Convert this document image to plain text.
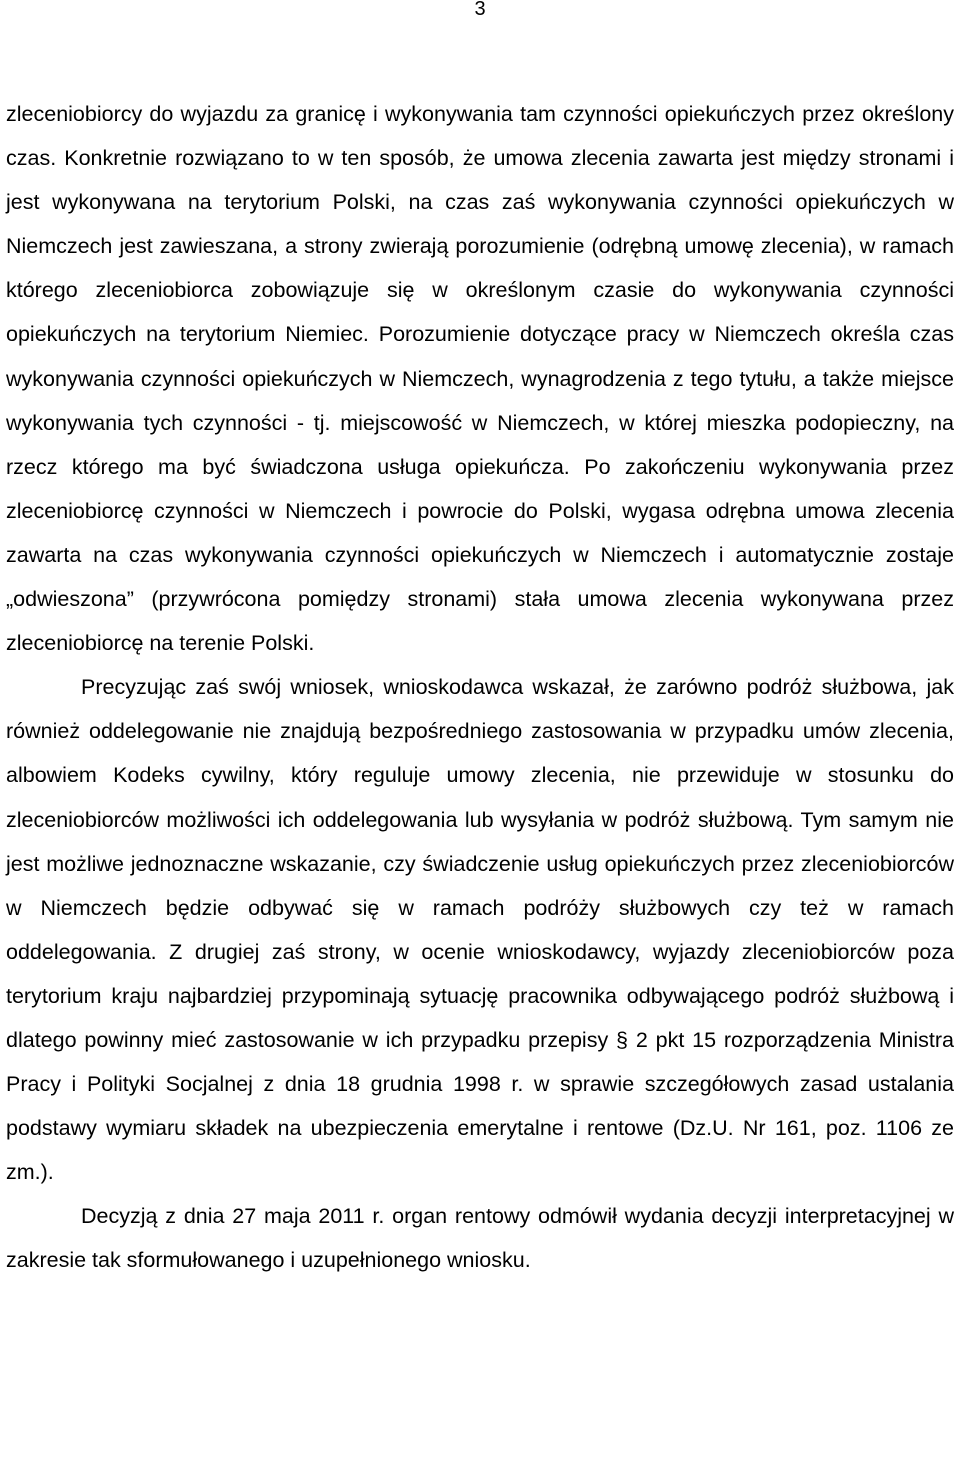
3

zleceniobiorcy do wyjazdu za granicę i wykonywania tam czynności opiekuńczych przez określony czas. Konkretnie rozwiązano to w ten sposób, że umowa zlecenia zawarta jest między stronami i jest wykonywana na terytorium Polski, na czas zaś wykonywania czynności opiekuńczych w Niemczech jest zawieszana, a strony zwierają porozumienie (odrębną umowę zlecenia), w ramach którego zleceniobiorca zobowiązuje się w określonym czasie do wykonywania czynności opiekuńczych na terytorium Niemiec. Porozumienie dotyczące pracy w Niemczech określa czas wykonywania czynności opiekuńczych w Niemczech, wynagrodzenia z tego tytułu, a także miejsce wykonywania tych czynności - tj. miejscowość w Niemczech, w której mieszka podopieczny, na rzecz którego ma być świadczona usługa opiekuńcza. Po zakończeniu wykonywania przez zleceniobiorcę czynności w Niemczech i powrocie do Polski, wygasa odrębna umowa zlecenia zawarta na czas wykonywania czynności opiekuńczych w Niemczech i automatycznie zostaje „odwieszona” (przywrócona pomiędzy stronami) stała umowa zlecenia wykonywana przez zleceniobiorcę na terenie Polski.

Precyzując zaś swój wniosek, wnioskodawca wskazał, że zarówno podróż służbowa, jak również oddelegowanie nie znajdują bezpośredniego zastosowania w przypadku umów zlecenia, albowiem Kodeks cywilny, który reguluje umowy zlecenia, nie przewiduje w stosunku do zleceniobiorców możliwości ich oddelegowania lub wysyłania w podróż służbową. Tym samym nie jest możliwe jednoznaczne wskazanie, czy świadczenie usług opiekuńczych przez zleceniobiorców w Niemczech będzie odbywać się w ramach podróży służbowych czy też w ramach oddelegowania. Z drugiej zaś strony, w ocenie wnioskodawcy, wyjazdy zleceniobiorców poza terytorium kraju najbardziej przypominają sytuację pracownika odbywającego podróż służbową i dlatego powinny mieć zastosowanie w ich przypadku przepisy § 2 pkt 15 rozporządzenia Ministra Pracy i Polityki Socjalnej z dnia 18 grudnia 1998 r. w sprawie szczegółowych zasad ustalania podstawy wymiaru składek na ubezpieczenia emerytalne i rentowe (Dz.U. Nr 161, poz. 1106 ze zm.).

Decyzją z dnia 27 maja 2011 r. organ rentowy odmówił wydania decyzji interpretacyjnej w zakresie tak sformułowanego i uzupełnionego wniosku.
